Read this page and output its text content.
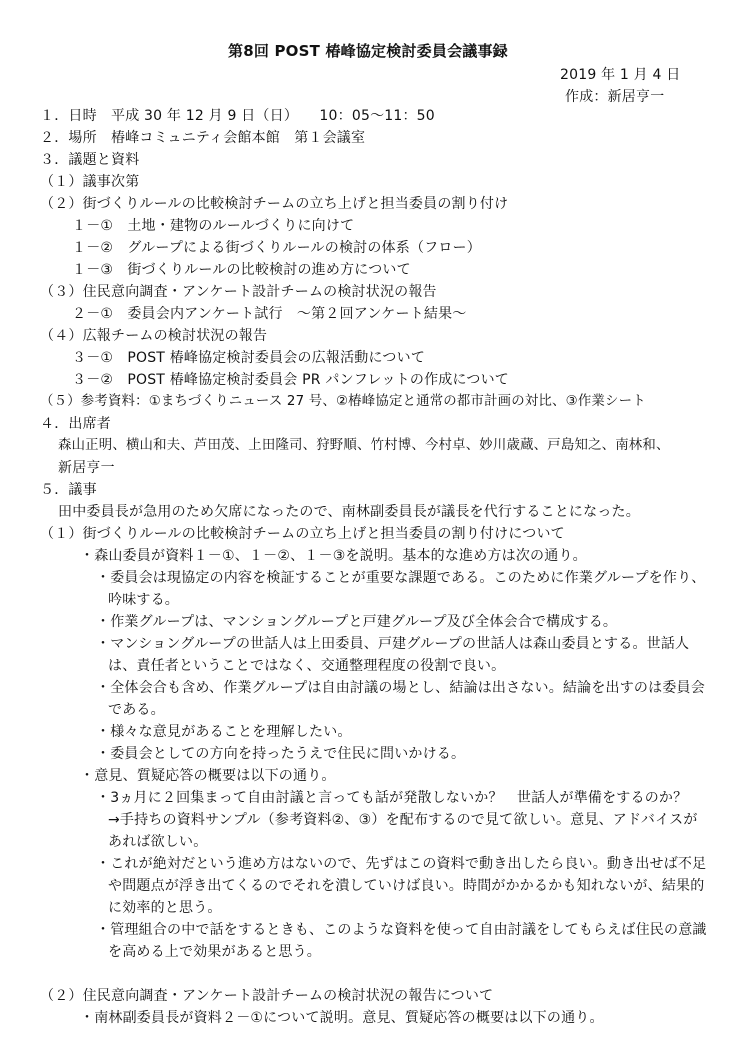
第8回 POST 椿峰協定検討委員会議事録
2019 年 1 月 4 日
作成：新居亨一
１．日時　平成 30 年 12 月 9 日（日）　　10：05～11：50
２．場所　椿峰コミュニティ会館本館　第１会議室
３．議題と資料
（１）議事次第
（２）街づくりルールの比較検討チームの立ち上げと担当委員の割り付け
１－①　土地・建物のルールづくりに向けて
１－②　グループによる街づくりルールの検討の体系（フロー）
１－③　街づくりルールの比較検討の進め方について
（３）住民意向調査・アンケート設計チームの検討状況の報告
２－①　委員会内アンケート試行　～第２回アンケート結果～
（４）広報チームの検討状況の報告
３－①　POST 椿峰協定検討委員会の広報活動について
３－②　POST 椿峰協定検討委員会 PR パンフレットの作成について
（５）参考資料：①まちづくりニュース 27 号、②椿峰協定と通常の都市計画の対比、③作業シート
４．出席者
森山正明、横山和夫、芦田茂、上田隆司、狩野順、竹村博、今村卓、妙川歳蔵、戸島知之、南林和、
新居亨一
５．議事
田中委員長が急用のため欠席になったので、南林副委員長が議長を代行することになった。
（１）街づくりルールの比較検討チームの立ち上げと担当委員の割り付けについて
・森山委員が資料１－①、１－②、１－③を説明。基本的な進め方は次の通り。
・委員会は現協定の内容を検証することが重要な課題である。このために作業グループを作り、
吟味する。
・作業グループは、マンショングループと戸建グループ及び全体会合で構成する。
・マンショングループの世話人は上田委員、戸建グループの世話人は森山委員とする。世話人
は、責任者ということではなく、交通整理程度の役割で良い。
・全体会合も含め、作業グループは自由討議の場とし、結論は出さない。結論を出すのは委員会
である。
・様々な意見があることを理解したい。
・委員会としての方向を持ったうえで住民に問いかける。
・意見、質疑応答の概要は以下の通り。
・3ヵ月に２回集まって自由討議と言っても話が発散しないか？　世話人が準備をするのか？
→手持ちの資料サンプル（参考資料②、③）を配布するので見て欲しい。意見、アドバイスが
あれば欲しい。
・これが絶対だという進め方はないので、先ずはこの資料で動き出したら良い。動き出せば不足
や問題点が浮き出てくるのでそれを潰していけば良い。時間がかかるかも知れないが、結果的
に効率的と思う。
・管理組合の中で話をするときも、このような資料を使って自由討議をしてもらえば住民の意識
を高める上で効果があると思う。
（２）住民意向調査・アンケート設計チームの検討状況の報告について
・南林副委員長が資料２－①について説明。意見、質疑応答の概要は以下の通り。
